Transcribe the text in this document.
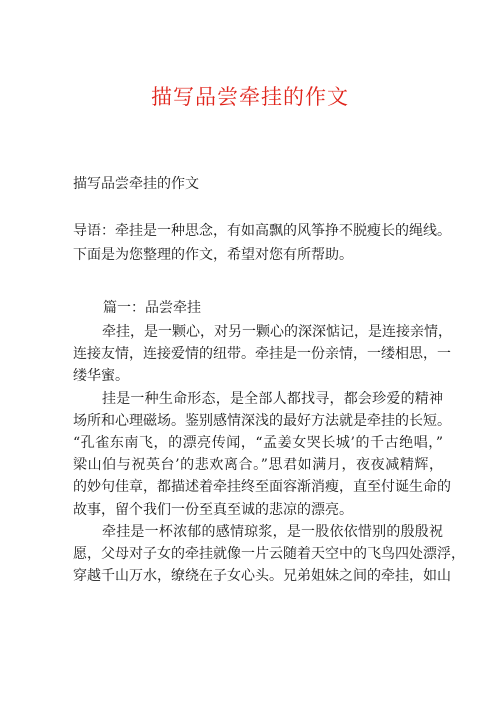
描写品尝牵挂的作文
描写品尝牵挂的作文

导语：牵挂是一种思念，有如高飘的风筝挣不脱瘦长的绳线。

下面是为您整理的作文，希望对您有所帮助。

篇一：品尝牵挂
牵挂，是一颗心，对另一颗心的深深惦记，是连接亲情，
连接友情，连接爱情的纽带。牵挂是一份亲情，一缕相思，一
缕华蜜。
挂是一种生命形态，是全部人都找寻，都会珍爱的精神
场所和心理磁场。鉴别感情深浅的最好方法就是牵挂的长短。
“孔雀东南飞，的漂亮传闻，“孟姜女哭长城’的千古绝唱，”
梁山伯与祝英台’的悲欢离合。”思君如满月，夜夜减精辉，
的妙句佳章，都描述着牵挂终至面容渐消瘦，直至付诞生命的
故事，留个我们一份至真至诚的悲凉的漂亮。
牵挂是一杯浓郁的感情琼浆，是一股依依惜别的殷殷祝
愿，父母对子女的牵挂就像一片云随着天空中的飞鸟四处漂浮，
穿越千山万水，缭绕在子女心头。兄弟姐妹之间的牵挂，如山
